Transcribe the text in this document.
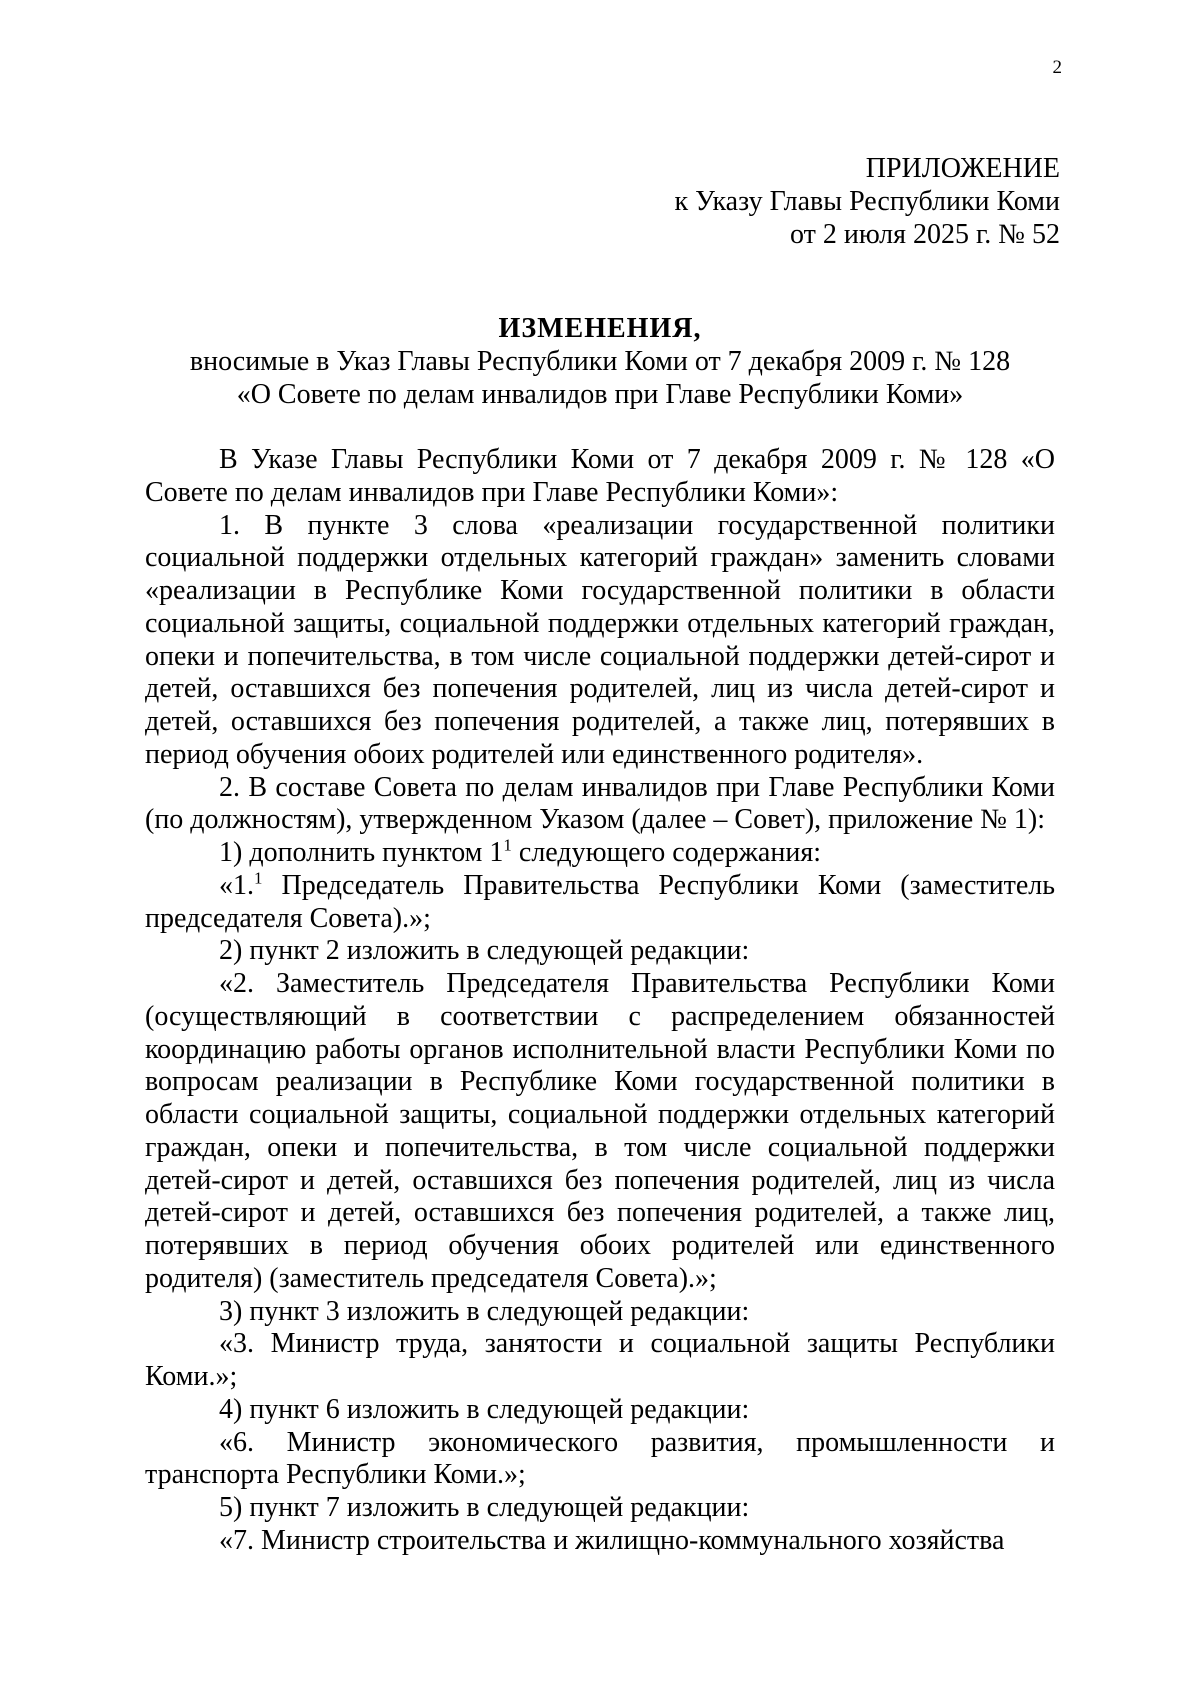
2
ПРИЛОЖЕНИЕ
к Указу Главы Республики Коми
от 2 июля 2025 г. № 52
ИЗМЕНЕНИЯ,
вносимые в Указ Главы Республики Коми от 7 декабря 2009 г. № 128
«О Совете по делам инвалидов при Главе Республики Коми»

В Указе Главы Республики Коми от 7 декабря 2009 г. № 128 «О Совете по делам инвалидов при Главе Республики Коми»:

1. В пункте 3 слова «реализации государственной политики социальной поддержки отдельных категорий граждан» заменить словами «реализации в Республике Коми государственной политики в области социальной защиты, социальной поддержки отдельных категорий граждан, опеки и попечительства, в том числе социальной поддержки детей-сирот и детей, оставшихся без попечения родителей, лиц из числа детей-сирот и детей, оставшихся без попечения родителей, а также лиц, потерявших в период обучения обоих родителей или единственного родителя».

2. В составе Совета по делам инвалидов при Главе Республики Коми (по должностям), утвержденном Указом (далее – Совет), приложение № 1):

1) дополнить пунктом $1^1$ следующего содержания:

«1.$^1$ Председатель Правительства Республики Коми (заместитель председателя Совета).»;

2) пункт 2 изложить в следующей редакции:

«2. Заместитель Председателя Правительства Республики Коми (осуществляющий в соответствии с распределением обязанностей координацию работы органов исполнительной власти Республики Коми по вопросам реализации в Республике Коми государственной политики в области социальной защиты, социальной поддержки отдельных категорий граждан, опеки и попечительства, в том числе социальной поддержки детей-сирот и детей, оставшихся без попечения родителей, лиц из числа детей-сирот и детей, оставшихся без попечения родителей, а также лиц, потерявших в период обучения обоих родителей или единственного родителя) (заместитель председателя Совета).»;

3) пункт 3 изложить в следующей редакции:

«3. Министр труда, занятости и социальной защиты Республики Коми.»;

4) пункт 6 изложить в следующей редакции:

«6. Министр экономического развития, промышленности и транспорта Республики Коми.»;

5) пункт 7 изложить в следующей редакции:

«7. Министр строительства и жилищно-коммунального хозяйства
